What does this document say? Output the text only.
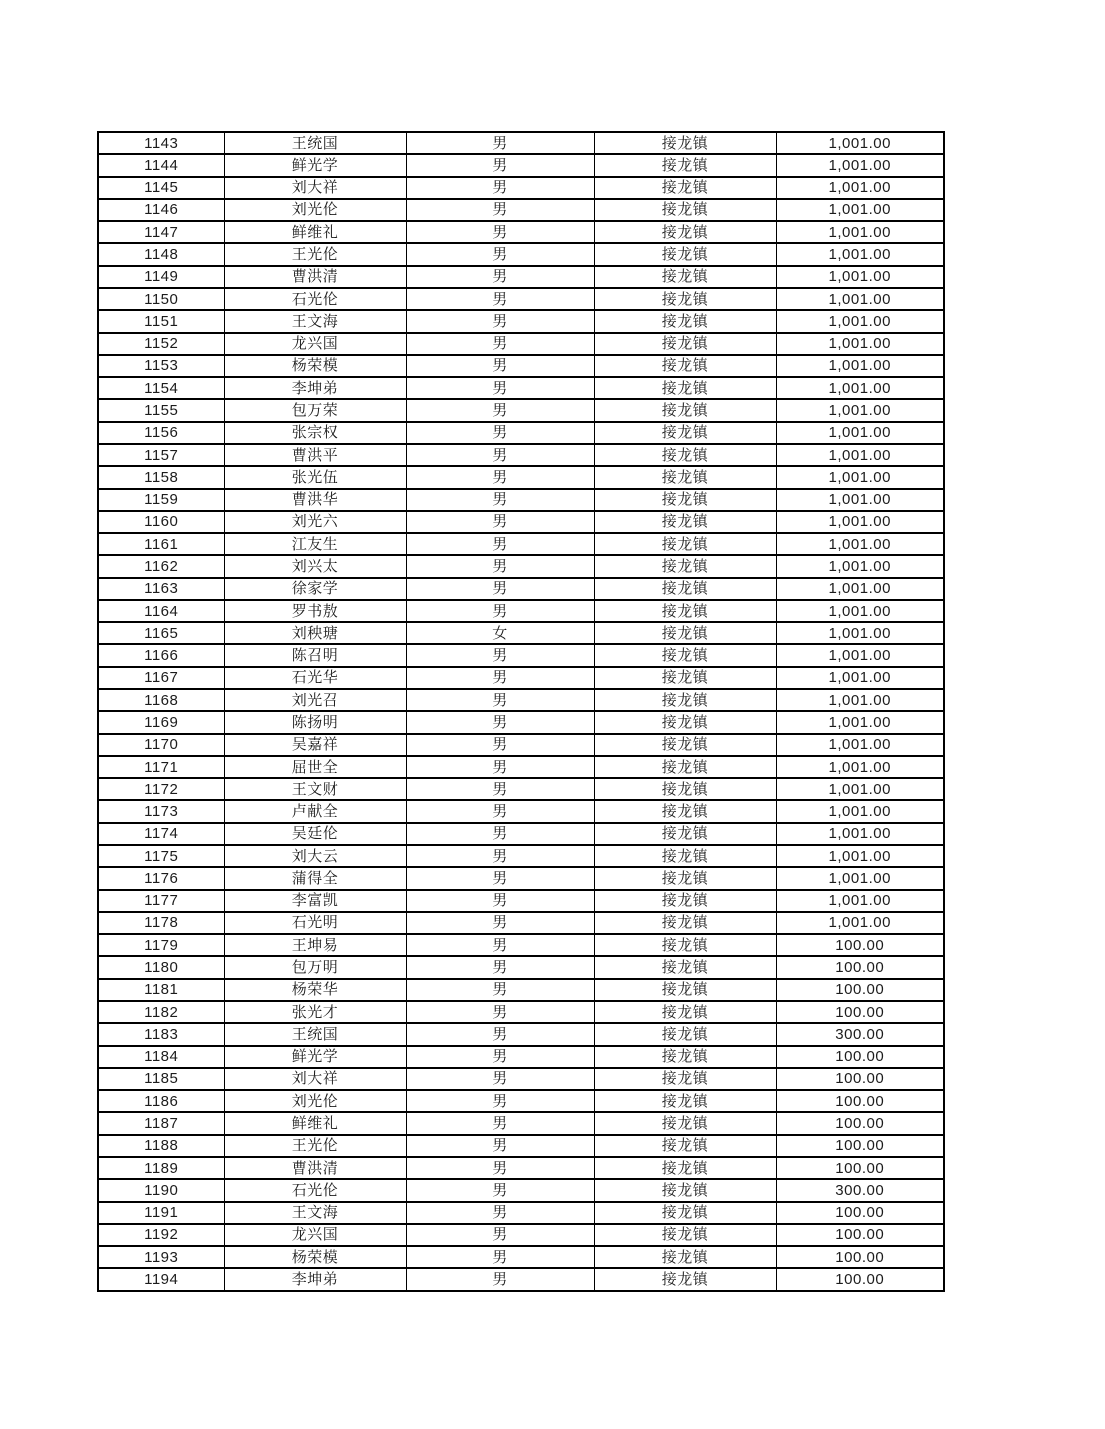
1143	王统国	男	接龙镇	1,001.00
1144	鲜光学	男	接龙镇	1,001.00
1145	刘大祥	男	接龙镇	1,001.00
1146	刘光伦	男	接龙镇	1,001.00
1147	鲜维礼	男	接龙镇	1,001.00
1148	王光伦	男	接龙镇	1,001.00
1149	曹洪清	男	接龙镇	1,001.00
1150	石光伦	男	接龙镇	1,001.00
1151	王文海	男	接龙镇	1,001.00
1152	龙兴国	男	接龙镇	1,001.00
1153	杨荣模	男	接龙镇	1,001.00
1154	李坤弟	男	接龙镇	1,001.00
1155	包万荣	男	接龙镇	1,001.00
1156	张宗权	男	接龙镇	1,001.00
1157	曹洪平	男	接龙镇	1,001.00
1158	张光伍	男	接龙镇	1,001.00
1159	曹洪华	男	接龙镇	1,001.00
1160	刘光六	男	接龙镇	1,001.00
1161	江友生	男	接龙镇	1,001.00
1162	刘兴太	男	接龙镇	1,001.00
1163	徐家学	男	接龙镇	1,001.00
1164	罗书敖	男	接龙镇	1,001.00
1165	刘秧瑭	女	接龙镇	1,001.00
1166	陈召明	男	接龙镇	1,001.00
1167	石光华	男	接龙镇	1,001.00
1168	刘光召	男	接龙镇	1,001.00
1169	陈扬明	男	接龙镇	1,001.00
1170	吴嘉祥	男	接龙镇	1,001.00
1171	屈世全	男	接龙镇	1,001.00
1172	王文财	男	接龙镇	1,001.00
1173	卢献全	男	接龙镇	1,001.00
1174	吴廷伦	男	接龙镇	1,001.00
1175	刘大云	男	接龙镇	1,001.00
1176	蒲得全	男	接龙镇	1,001.00
1177	李富凯	男	接龙镇	1,001.00
1178	石光明	男	接龙镇	1,001.00
1179	王坤易	男	接龙镇	100.00
1180	包万明	男	接龙镇	100.00
1181	杨荣华	男	接龙镇	100.00
1182	张光才	男	接龙镇	100.00
1183	王统国	男	接龙镇	300.00
1184	鲜光学	男	接龙镇	100.00
1185	刘大祥	男	接龙镇	100.00
1186	刘光伦	男	接龙镇	100.00
1187	鲜维礼	男	接龙镇	100.00
1188	王光伦	男	接龙镇	100.00
1189	曹洪清	男	接龙镇	100.00
1190	石光伦	男	接龙镇	300.00
1191	王文海	男	接龙镇	100.00
1192	龙兴国	男	接龙镇	100.00
1193	杨荣模	男	接龙镇	100.00
1194	李坤弟	男	接龙镇	100.00
